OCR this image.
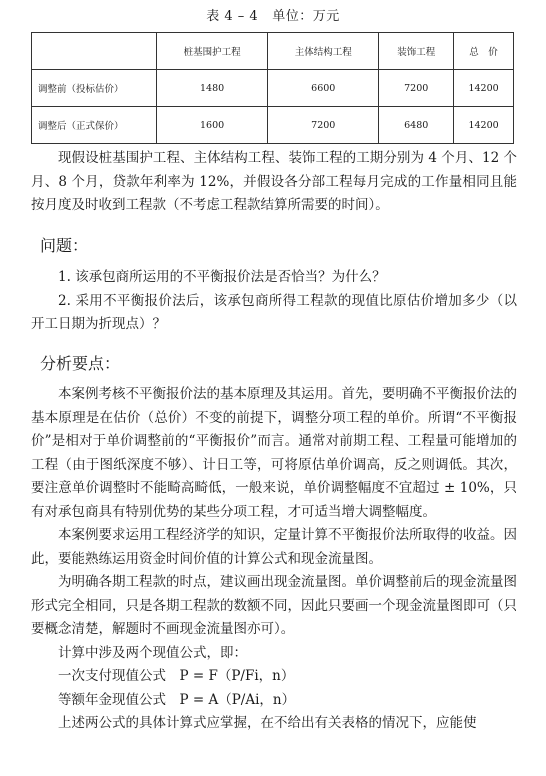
表 4 – 4 单位：万元
	桩基围护工程	主体结构工程	装饰工程	总　价
调整前（投标估价）	1480	6600	7200	14200
调整后（正式保价）	1600	7200	6480	14200

现假设桩基围护工程、主体结构工程、装饰工程的工期分别为 4 个月、12 个月、8 个月，贷款年利率为 12%，并假设各分部工程每月完成的工作量相同且能按月度及时收到工程款（不考虑工程款结算所需要的时间）。

问题：

1. 该承包商所运用的不平衡报价法是否恰当？为什么？

2. 采用不平衡报价法后，该承包商所得工程款的现值比原估价增加多少（以开工日期为折现点）？

分析要点：

本案例考核不平衡报价法的基本原理及其运用。首先，要明确不平衡报价法的基本原理是在估价（总价）不变的前提下，调整分项工程的单价。所谓“不平衡报价”是相对于单价调整前的“平衡报价”而言。通常对前期工程、工程量可能增加的工程（由于图纸深度不够）、计日工等，可将原估单价调高，反之则调低。其次，要注意单价调整时不能畸高畸低，一般来说，单价调整幅度不宜超过 ± 10%，只有对承包商具有特别优势的某些分项工程，才可适当增大调整幅度。

本案例要求运用工程经济学的知识，定量计算不平衡报价法所取得的收益。因此，要能熟练运用资金时间价值的计算公式和现金流量图。

为明确各期工程款的时点，建议画出现金流量图。单价调整前后的现金流量图形式完全相同，只是各期工程款的数额不同，因此只要画一个现金流量图即可（只要概念清楚，解题时不画现金流量图亦可）。

计算中涉及两个现值公式，即：

一次支付现值公式　P = F（P/Fi，n）

等额年金现值公式　P = A（P/Ai，n）

上述两公式的具体计算式应掌握，在不给出有关表格的情况下，应能使
